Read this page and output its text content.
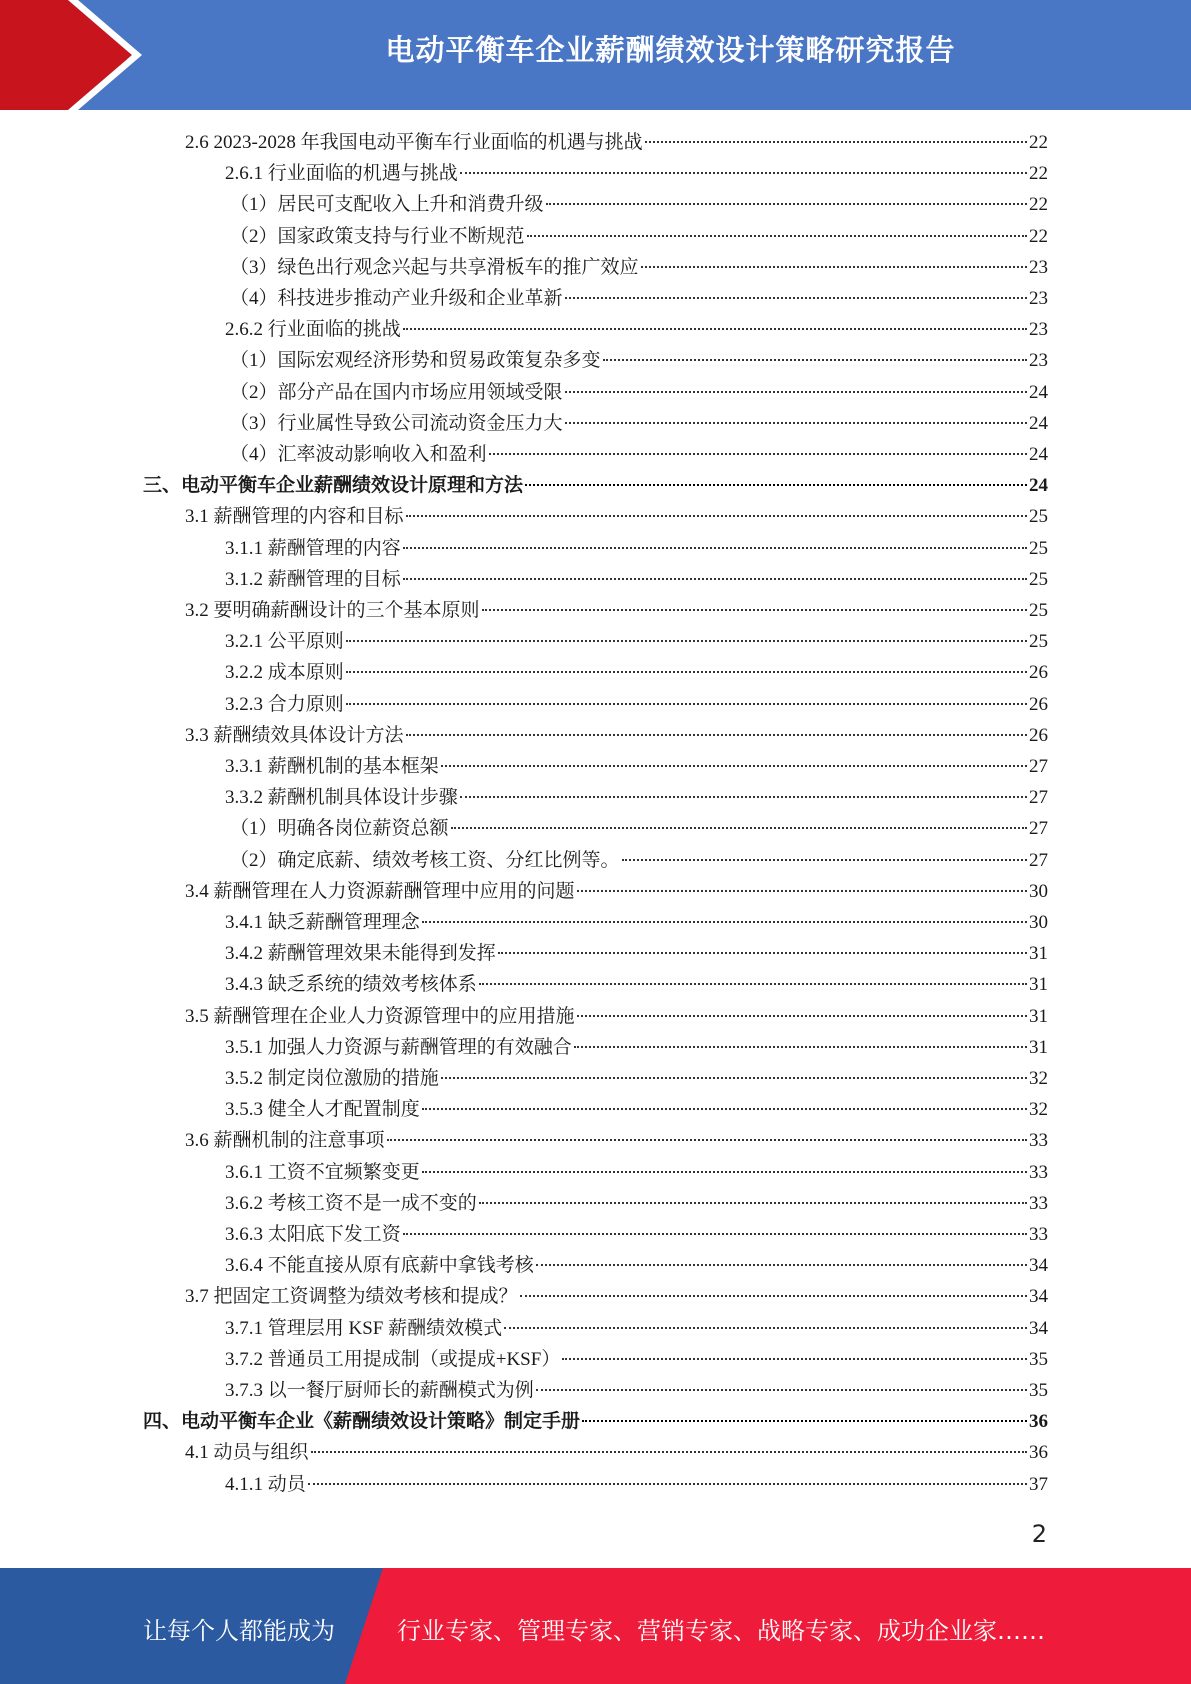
电动平衡车企业薪酬绩效设计策略研究报告
2.6 2023-2028 年我国电动平衡车行业面临的机遇与挑战	22
2.6.1 行业面临的机遇与挑战	22
（1）居民可支配收入上升和消费升级	22
（2）国家政策支持与行业不断规范	22
（3）绿色出行观念兴起与共享滑板车的推广效应	23
（4）科技进步推动产业升级和企业革新	23
2.6.2 行业面临的挑战	23
（1）国际宏观经济形势和贸易政策复杂多变	23
（2）部分产品在国内市场应用领域受限	24
（3）行业属性导致公司流动资金压力大	24
（4）汇率波动影响收入和盈利	24
三、电动平衡车企业薪酬绩效设计原理和方法	24
3.1 薪酬管理的内容和目标	25
3.1.1 薪酬管理的内容	25
3.1.2 薪酬管理的目标	25
3.2 要明确薪酬设计的三个基本原则	25
3.2.1 公平原则	25
3.2.2 成本原则	26
3.2.3 合力原则	26
3.3 薪酬绩效具体设计方法	26
3.3.1 薪酬机制的基本框架	27
3.3.2 薪酬机制具体设计步骤	27
（1）明确各岗位薪资总额	27
（2）确定底薪、绩效考核工资、分红比例等。	27
3.4 薪酬管理在人力资源薪酬管理中应用的问题	30
3.4.1 缺乏薪酬管理理念	30
3.4.2 薪酬管理效果未能得到发挥	31
3.4.3 缺乏系统的绩效考核体系	31
3.5 薪酬管理在企业人力资源管理中的应用措施	31
3.5.1 加强人力资源与薪酬管理的有效融合	31
3.5.2 制定岗位激励的措施	32
3.5.3 健全人才配置制度	32
3.6 薪酬机制的注意事项	33
3.6.1 工资不宜频繁变更	33
3.6.2 考核工资不是一成不变的	33
3.6.3 太阳底下发工资	33
3.6.4 不能直接从原有底薪中拿钱考核	34
3.7 把固定工资调整为绩效考核和提成？	34
3.7.1 管理层用 KSF 薪酬绩效模式	34
3.7.2 普通员工用提成制（或提成+KSF）	35
3.7.3 以一餐厅厨师长的薪酬模式为例	35
四、电动平衡车企业《薪酬绩效设计策略》制定手册	36
4.1 动员与组织	36
4.1.1 动员	37
2
让每个人都能成为	行业专家、管理专家、营销专家、战略专家、成功企业家……
